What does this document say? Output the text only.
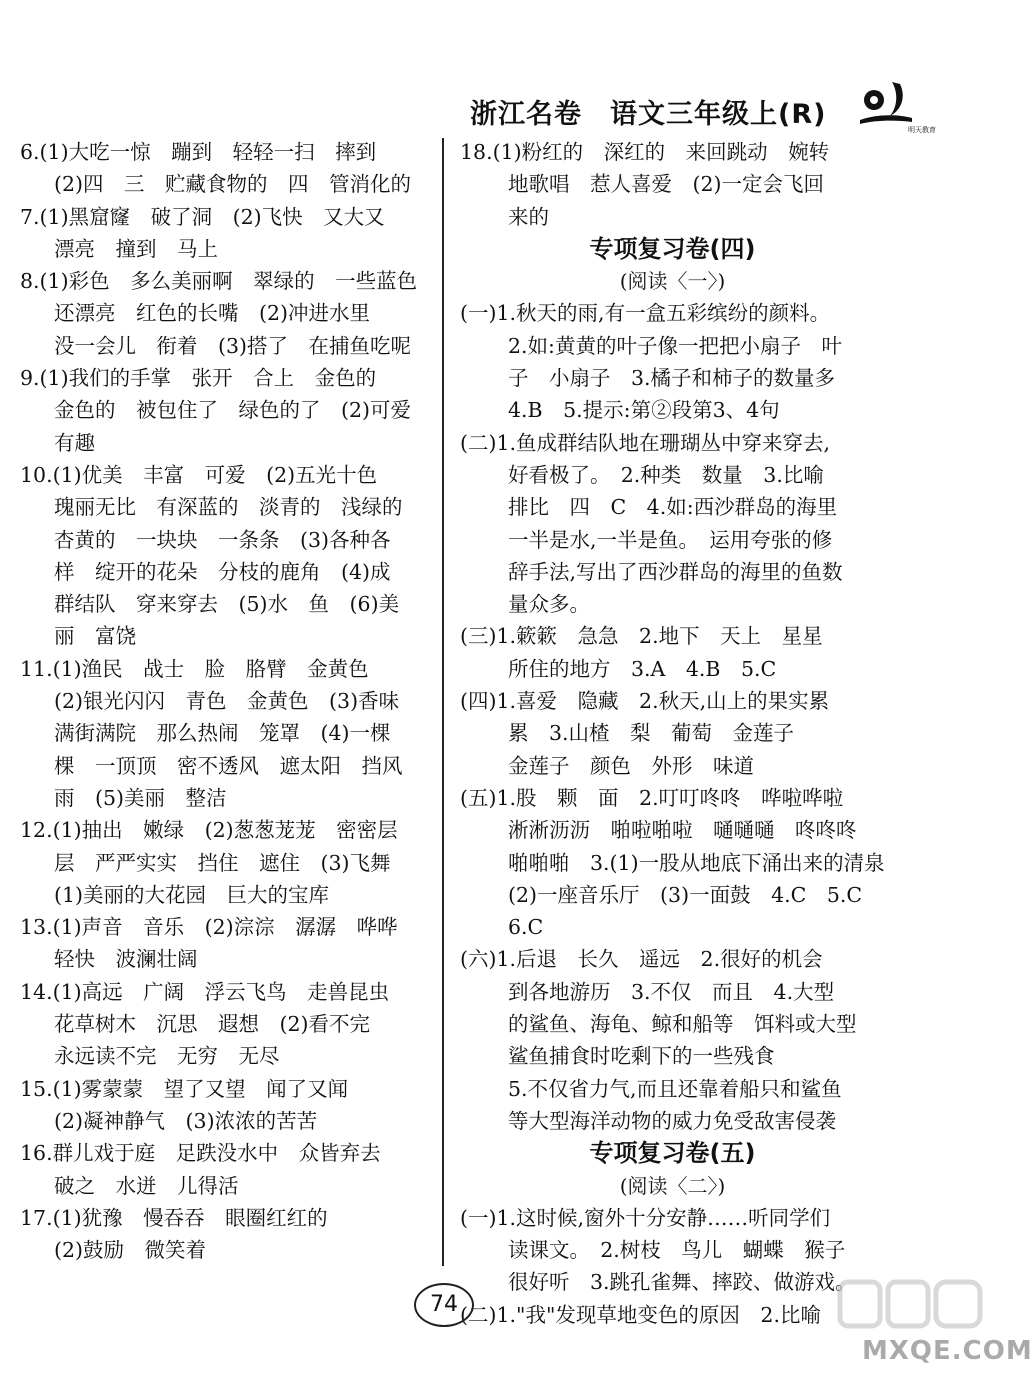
浙江名卷　语文三年级上(R)	明天教育
6.(1)大吃一惊　蹦到　轻轻一扫　摔到
(2)四　三　贮藏食物的　四　管消化的
7.(1)黑窟窿　破了洞　(2)飞快　又大又
漂亮　撞到　马上
8.(1)彩色　多么美丽啊　翠绿的　一些蓝色
还漂亮　红色的长嘴　(2)冲进水里
没一会儿　衔着　(3)搭了　在捕鱼吃呢
9.(1)我们的手掌　张开　合上　金色的
金色的　被包住了　绿色的了　(2)可爱
有趣
10.(1)优美　丰富　可爱　(2)五光十色
瑰丽无比　有深蓝的　淡青的　浅绿的
杏黄的　一块块　一条条　(3)各种各
样　绽开的花朵　分枝的鹿角　(4)成
群结队　穿来穿去　(5)水　鱼　(6)美
丽　富饶
11.(1)渔民　战士　脸　胳臂　金黄色
(2)银光闪闪　青色　金黄色　(3)香味
满街满院　那么热闹　笼罩　(4)一棵
棵　一顶顶　密不透风　遮太阳　挡风
雨　(5)美丽　整洁
12.(1)抽出　嫩绿　(2)葱葱茏茏　密密层
层　严严实实　挡住　遮住　(3)飞舞
(1)美丽的大花园　巨大的宝库
13.(1)声音　音乐　(2)淙淙　潺潺　哗哗
轻快　波澜壮阔
14.(1)高远　广阔　浮云飞鸟　走兽昆虫
花草树木　沉思　遐想　(2)看不完
永远读不完　无穷　无尽
15.(1)雾蒙蒙　望了又望　闻了又闻
(2)凝神静气　(3)浓浓的苦苦
16.群儿戏于庭　足跌没水中　众皆弃去
破之　水迸　儿得活
17.(1)犹豫　慢吞吞　眼圈红红的
(2)鼓励　微笑着
18.(1)粉红的　深红的　来回跳动　婉转
地歌唱　惹人喜爱　(2)一定会飞回
来的
专项复习卷(四)
(阅读〈一〉)
(一)1.秋天的雨,有一盒五彩缤纷的颜料。
2.如:黄黄的叶子像一把把小扇子　叶
子　小扇子　3.橘子和柿子的数量多
4.B　5.提示:第②段第3、4句
(二)1.鱼成群结队地在珊瑚丛中穿来穿去,
好看极了。　2.种类　数量　3.比喻
排比　四　C　4.如:西沙群岛的海里
一半是水,一半是鱼。　运用夸张的修
辞手法,写出了西沙群岛的海里的鱼数
量众多。
(三)1.簌簌　急急　2.地下　天上　星星
所住的地方　3.A　4.B　5.C
(四)1.喜爱　隐藏　2.秋天,山上的果实累
累　3.山楂　梨　葡萄　金莲子
金莲子　颜色　外形　味道
(五)1.股　颗　面　2.叮叮咚咚　哗啦哗啦
淅淅沥沥　啪啦啪啦　嗵嗵嗵　咚咚咚
啪啪啪　3.(1)一股从地底下涌出来的清泉
(2)一座音乐厅　(3)一面鼓　4.C　5.C
6.C
(六)1.后退　长久　遥远　2.很好的机会
到各地游历　3.不仅　而且　4.大型
的鲨鱼、海龟、鲸和船等　饵料或大型
鲨鱼捕食时吃剩下的一些残食
5.不仅省力气,而且还靠着船只和鲨鱼
等大型海洋动物的威力免受敌害侵袭
专项复习卷(五)
(阅读〈二〉)
(一)1.这时候,窗外十分安静……听同学们
读课文。　2.树枝　鸟儿　蝴蝶　猴子
很好听　3.跳孔雀舞、摔跤、做游戏。
(二)1."我"发现草地变色的原因　2.比喻
74
MXQE.COM
